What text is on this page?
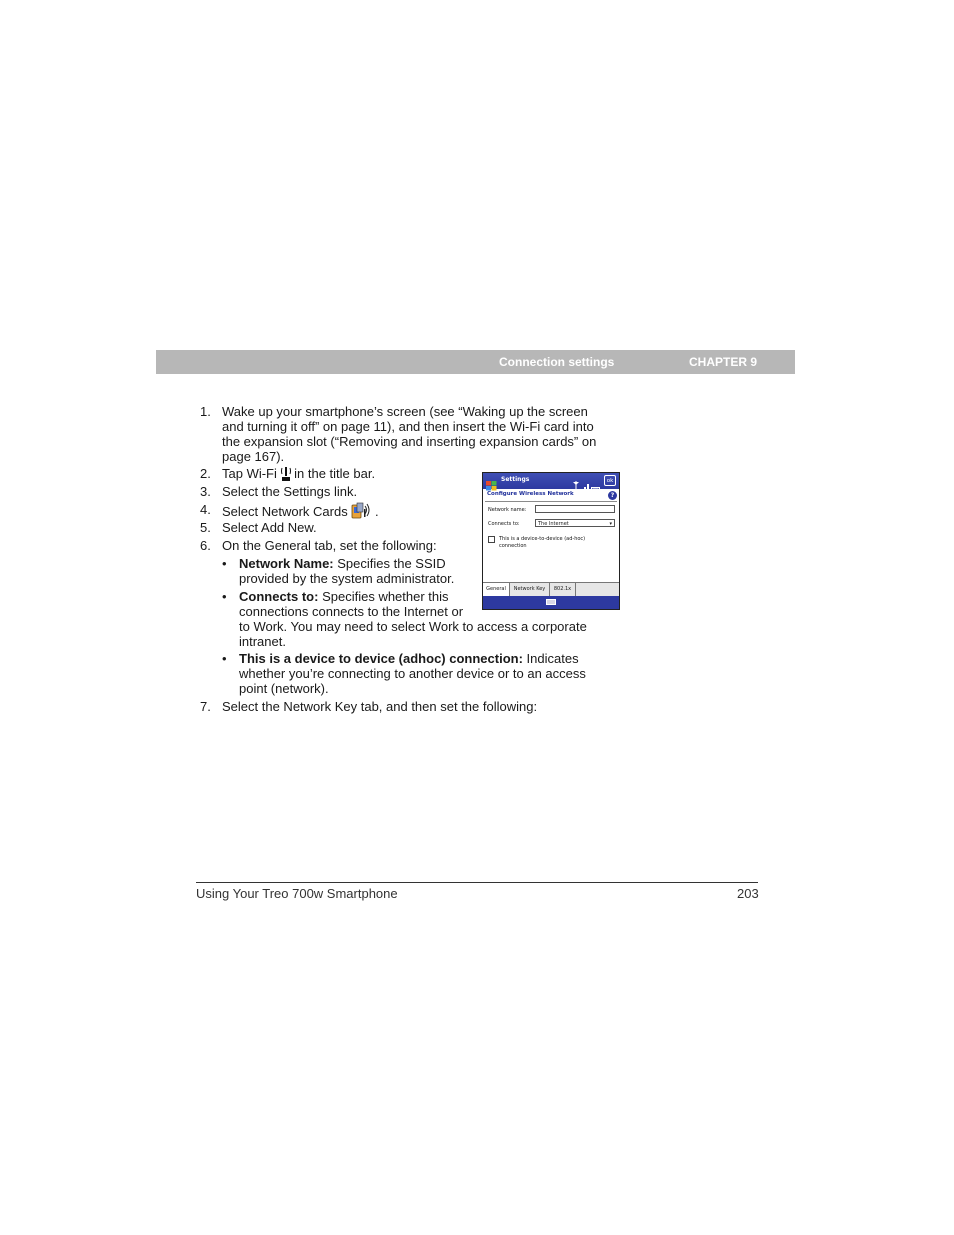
Connection settings	CHAPTER 9
1. Wake up your smartphone’s screen (see “Waking up the screen
and turning it off” on page 11), and then insert the Wi-Fi card into
the expansion slot (“Removing and inserting expansion cards” on
page 167).
2. Tap Wi-Fi in the title bar.
3. Select the Settings link.
4. Select Network Cards .
5. Select Add New.
6. On the General tab, set the following:
• Network Name: Specifies the SSID
provided by the system administrator.
• Connects to: Specifies whether this
connections connects to the Internet or
to Work. You may need to select Work to access a corporate
intranet.
• This is a device to device (adhoc) connection: Indicates
whether you’re connecting to another device or to an access
point (network).
7. Select the Network Key tab, and then set the following:
Settings	ok
Configure Wireless Network	?
Network name:
Connects to:	The Internet	▾
This is a device-to-device (ad-hoc)
connection
General	Network Key	802.1x
Using Your Treo 700w Smartphone	203
